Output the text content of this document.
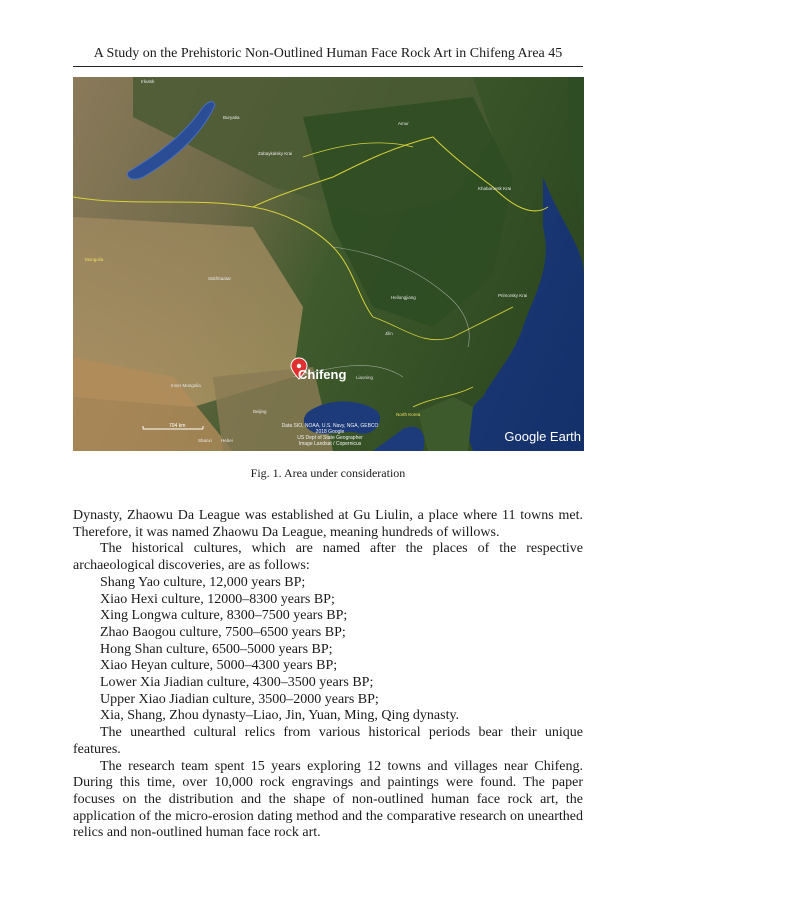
A Study on the Prehistoric Non-Outlined Human Face Rock Art in Chifeng Area 45
Irkutsk
Buryatia
Zabaykalsky Krai
Amur
Khabarovsk Krai
Primorsky Krai
Heilongjiang
Jilin
Mongolia
Sükhbaatar
Inner Mongolia
Beijing
North Korea
Shanxi Hebei
Chifeng Liaoning
704 km	Data SIO, NOAA, U.S. Navy, NGA, GEBCO
2018 Google
US Dept of State Geographer
Image Landsat / Copernicus	Google Earth
Fig. 1. Area under consideration

Dynasty, Zhaowu Da League was established at Gu Liulin, a place where 11 towns met. Therefore, it was named Zhaowu Da League, meaning hundreds of willows.

The historical cultures, which are named after the places of the respective archaeological discoveries, are as follows:

Shang Yao culture, 12,000 years BP;
Xiao Hexi culture, 12000–8300 years BP;
Xing Longwa culture, 8300–7500 years BP;
Zhao Baogou culture, 7500–6500 years BP;
Hong Shan culture, 6500–5000 years BP;
Xiao Heyan culture, 5000–4300 years BP;
Lower Xia Jiadian culture, 4300–3500 years BP;
Upper Xiao Jiadian culture, 3500–2000 years BP;
Xia, Shang, Zhou dynasty–Liao, Jin, Yuan, Ming, Qing dynasty.

The unearthed cultural relics from various historical periods bear their unique features.

The research team spent 15 years exploring 12 towns and villages near Chifeng. During this time, over 10,000 rock engravings and paintings were found. The paper focuses on the distribution and the shape of non-outlined human face rock art, the application of the micro-erosion dating method and the comparative research on unearthed relics and non-outlined human face rock art.
